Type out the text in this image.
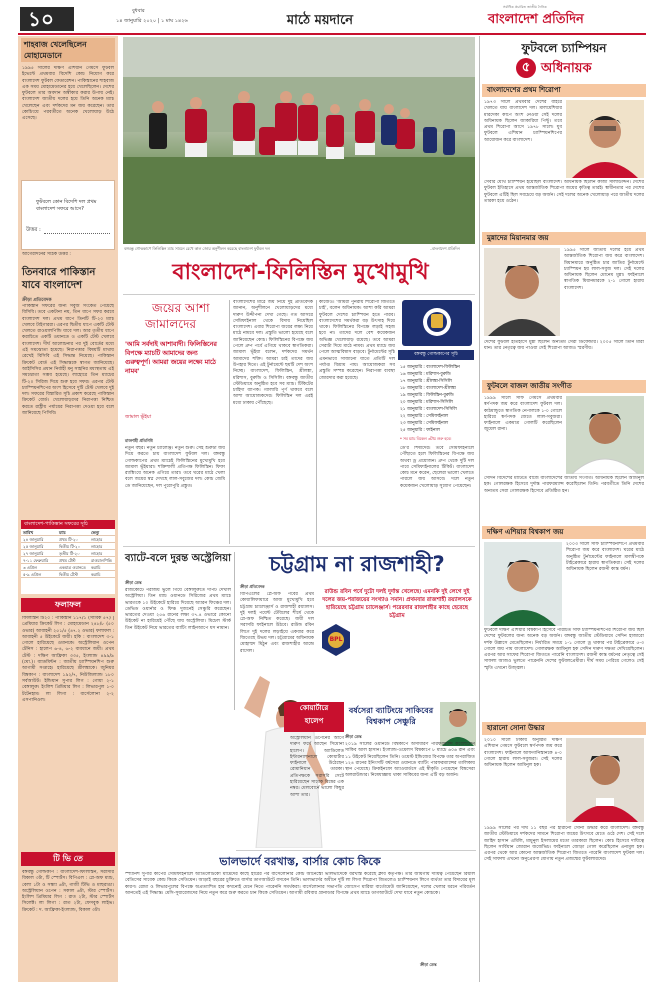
১০	বুধবার
১৪ জানুয়ারি ২০২০ | ১ মাঘ ১৪২৬	মাঠে ময়দানে
সর্বাধিক প্রচারিত জাতীয় দৈনিক
বাংলাদেশ প্রতিদিন
শাহবাজ খেলেছিলেন মোহামেডানে
১৯৯৫ সালের দক্ষিণ এশিয়ান গেমসে ফুটবল ইভেন্টে প্রথমবার বিদেশি কোচ নিয়োগ করে বাংলাদেশ ফুটবল ফেডারেশন। পাকিস্তানের শাহবাজ এক সময় মোহামেডানের হয়ে খেলেছিলেন। দেশের ফুটবলে তার অবদান অস্বীকার করার উপায় নেই। বাংলাদেশ জাতীয় দলের হয়ে তিনি অনেক ম্যাচ খেলেছেন এবং দর্শকদের মন জয় করেছেন। তার কোচিংয়ে পরবর্তীতে অনেক খেলোয়াড় উঠে এসেছে।
ফুটবলে কোন বিদেশি দল প্রথম বাংলাদেশ সফরে আসে?
উত্তর :
আগেরদিনের সঠিক উত্তর :
তিনবারে পাকিস্তান যাবে বাংলাদেশ
ক্রীড়া প্রতিবেদক
পাকিস্তান সফরের জন্য সবুজ সংকেত পেয়েছে বিসিবি। তবে একটানা নয়, তিন ধাপে সফর করবে বাংলাদেশ দল। প্রথম ধাপে তিনটি টি-২০ ম্যাচ খেলবে টাইগাররা। এরপর দ্বিতীয় ধাপে একটি টেস্ট খেলতে রাওয়ালপিন্ডি যাবে দল। আর তৃতীয় ধাপে করাচিতে একটি ওয়ানডে ও একটি টেস্ট খেলবে বাংলাদেশ। দীর্ঘ আলোচনার পর দুই বোর্ডের মধ্যে এই সমঝোতা হয়েছে। নিরাপত্তার বিষয়টি মাথায় রেখেই বিসিবি এই সিদ্ধান্ত নিয়েছে। পাকিস্তান ক্রিকেট বোর্ড এই সিদ্ধান্তকে স্বাগত জানিয়েছে। আইসিসির প্রধান নির্বাহী মনু সাহনির মধ্যস্থতায় এই সমঝোতা সম্ভব হয়েছে। লাহোরে তিন ম্যাচের টি-২০ সিরিজ দিয়ে শুরু হবে সফর। এরপর টেস্ট চ্যাম্পিয়নশিপের অংশ হিসেবে দুটি টেস্ট খেলবে দুই দল। সফরের বিস্তারিত সূচি প্রকাশ করেছে পাকিস্তান ক্রিকেট বোর্ড। খেলোয়াড়দের নিরাপত্তা নিশ্চিত করতে রাষ্ট্রীয় পর্যায়ের নিরাপত্তা দেওয়া হবে বলে জানিয়েছে পিসিবি।
বাংলাদেশ-পাকিস্তান সফরের সূচি
তারিখ	ম্যাচ	ভেন্যু
২৪ জানুয়ারি	প্রথম টি-২০	লাহোর
২৫ জানুয়ারি	দ্বিতীয় টি-২০	লাহোর
২৭ জানুয়ারি	তৃতীয় টি-২০	লাহোর
৭-১১ ফেব্রুয়ারি	প্রথম টেস্ট	রাওয়ালপিন্ডি
৩ এপ্রিল	একমাত্র ওয়ানডে	করাচি
৫-৯ এপ্রিল	দ্বিতীয় টেস্ট	করাচি
ফলাফল
ফিলিস্তিন টি২০ : পাকিস্তান ১১৭/১ (সাবিক ৫৭) | প্রেমিয়ার ক্রিকেট লিগ : মোহামেডান ২৪৮/৮ (৫০ ওভার) আবাহনী ২৫১/৫ (৪৭.২ ওভার) ফলাফল : আবাহনী ৫ উইকেটে জয়ী। হকি : বাংলাদেশ ৩-১ গোলে হারিয়েছে ওমানকে। অস্ট্রেলিয়ান ওপেন টেনিস : হালেপ ৬-৪, ৬-২ ব্যবধানে জয়ী। প্রথম টেস্ট : দক্ষিণ আফ্রিকা ৩৩৫, ইংল্যান্ড ৪৯৯/৯ (ঘো.)। ব্যাডমিন্টন : জাতীয় চ্যাম্পিয়নশিপ শুরু আগামী সপ্তাহে। হারিয়েছে শ্রীলঙ্কাকে। জুনিয়র বিশ্বকাপ : বাংলাদেশ ১৯২/৭, নিউজিল্যান্ড ১৮০ সর্বআউট। ইন্ডিয়ান সুপার লিগ : গোয়া ২-১ বেঙ্গালুরু। ইংলিশ প্রিমিয়ার লিগ : লিভারপুল ১-০ টটেনহাম। লা লিগা : বার্সেলোনা ২-২ এসপানিওল।
টি ভি তে
বঙ্গবন্ধু গোল্ডকাপ : বাংলাদেশ-ফিলিস্তিন, সরাসরি বিকাল ৩টা, টি স্পোর্টস। বিপিএল : প্লে-অফ ম্যাচ, বেলা ১টা ও সন্ধ্যা ৬টা, গাজী টিভি ও মাছরাঙা। অস্ট্রেলিয়ান ওপেন : সকাল ৬টা, স্টার স্পোর্টস। ইংলিশ প্রিমিয়ার লিগ : রাত ২টা, স্টার স্পোর্টস সিলেক্ট। লা লিগা : রাত ২টা, ফেসবুক লাইভ। ক্রিকেট : দ. আফ্রিকা-ইংল্যান্ড, বিকাল ৩টা।
বঙ্গবন্ধু গোল্ডকাপে ফিলিস্তিন ম্যাচ সামনে রেখে কাল জোর অনুশীলন করেছে বাংলাদেশ ফুটবল দল	–বাংলাদেশ প্রতিদিন
বাংলাদেশ-ফিলিস্তিন মুখোমুখি
জয়ের আশা
জামালদের
'আমি সর্বদাই আশাবাদী। ফিলিস্তিনের বিপক্ষে ম্যাচটি আমাদের জন্য গুরুত্বপূর্ণ। আমরা জয়ের লক্ষ্যে মাঠে নামব'
জামাল ভূঁইয়া
রাজশাহী প্রতিনিধি
নতুন বছর। নতুন চ্যালেঞ্জ। নতুন শুরু। সেই শুরুটা জয় দিয়ে করতে চায় বাংলাদেশ ফুটবল দল। বঙ্গবন্ধু গোল্ডকাপের প্রথম ম্যাচেই ফিলিস্তিনের মুখোমুখি হবে জামাল ভূঁইয়ারা। শক্তিশালী প্রতিপক্ষ ফিলিস্তিন। ফিফা র‌্যাঙ্কিংয়ে অনেক এগিয়ে তারা। তবে ঘরের মাঠে খেলা বলে জয়ের স্বপ্ন দেখছে লাল-সবুজের দল। কোচ জেমি ডে জানিয়েছেন, দল পুরোপুরি প্রস্তুত।
বাংলাদেশের মাঠে জয় নিয়ে দুই প্রতিবেদক জানান, অনুশীলনে খেলোয়াড়দের মধ্যে দারুণ উদ্দীপনা দেখা গেছে। গত আসরে সেমিফাইনাল থেকে বিদায় নিয়েছিল বাংলাদেশ। এবার শিরোপা জয়ের লক্ষ্য নিয়ে মাঠে নামবে দল। প্রস্তুতি ভালো হয়েছে বলে জানিয়েছেন কোচ। ফিলিস্তিনের বিপক্ষে জয় পেলে গ্রুপ পর্বে এগিয়ে থাকবে স্বাগতিকরা। জামাল ভূঁইয়া বলেন, দর্শকদের সমর্থন আমাদের শক্তি। আমরা চাই তাদের জয় উপহার দিতে। এই টুর্নামেন্টে ছয়টি দেশ অংশ নিচ্ছে। বাংলাদেশ, ফিলিস্তিন, শ্রীলঙ্কা, মরিশাস, বুরুন্ডি ও সিসিলি। বঙ্গবন্ধু জাতীয় স্টেডিয়ামে অনুষ্ঠিত হবে সব ম্যাচ। টিকিটের চাহিদা ব্যাপক। গ্যালারি পূর্ণ থাকবে বলে আশা আয়োজকদের। ফিলিস্তিন দল এরই মধ্যে ঢাকায় পৌঁছেছে।
কাজেও। 'আমরা পুনরায় শিরোপা জিততে চাই', বলেন অধিনায়ক। আশা করি আমরা ফুটবলে দেশের চ্যাম্পিয়ন হতে পারব। বাংলাদেশের সমর্থকরা বড় উৎসাহ দিয়ে থাকে। ফিলিস্তিনের বিপক্ষে লড়াই সহজ হবে না। তাদের দলে বেশ কয়েকজন অভিজ্ঞ খেলোয়াড় রয়েছে। তবে আমরা সেরাটা দিয়ে মাঠে নামব। প্রথম ম্যাচে জয় পেলে আত্মবিশ্বাস বাড়বে। টুর্নামেন্টের সূচি এমনভাবে সাজানো যাতে প্রতিটি দল পর্যাপ্ত বিশ্রাম পায়। আয়োজকরা সব প্রস্তুতি সম্পন্ন করেছেন। নিরাপত্তা ব্যবস্থা জোরদার করা হয়েছে।
বঙ্গবন্ধু গোল্ডকাপের সূচি
১৫ জানুয়ারি : বাংলাদেশ-ফিলিস্তিন
১৬ জানুয়ারি : মরিশাস-বুরুন্ডি
১৭ জানুয়ারি : শ্রীলঙ্কা-সিসিলি
১৮ জানুয়ারি : বাংলাদেশ-শ্রীলঙ্কা
১৯ জানুয়ারি : ফিলিস্তিন-বুরুন্ডি
২০ জানুয়ারি : মরিশাস-সিসিলি
২১ জানুয়ারি : বাংলাদেশ-সিসিলি
২২ জানুয়ারি : সেমিফাইনাল
২৩ জানুয়ারি : সেমিফাইনাল
২৫ জানুয়ারি : ফাইনাল
* সব ম্যাচ বিকেল ৩টায় শুরু হবে।
ডে'র শিষ্যদের। তবে সেমিফাইনালে পৌঁছাতে হলে ফিলিস্তিনের বিপক্ষে জয় অথবা ড্র প্রয়োজন। গ্রুপ থেকে দুটি দল পাবে সেমিফাইনালের টিকিট। বাংলাদেশ কোচ মনে করেন, ছেলেরা ভালো খেলতে পারলে জয় আসবে। দলে নতুন কয়েকজন খেলোয়াড় সুযোগ পেয়েছেন।
ব্যাটে-বলে দুরন্ত অস্ট্রেলিয়া
ক্রীড়া ডেস্ক
রাজকোটে পরাজয় ভুলে গিয়ে বেঙ্গালুরুতে দাপট দেখাল অস্ট্রেলিয়া। তিন ম্যাচ ওয়ানডে সিরিজের প্রথম ম্যাচে ভারতকে ১০ উইকেটে হারিয়ে দিয়েছে অ্যারন ফিঞ্চের দল। ডেভিড ওয়ার্নার ও ফিঞ্চ দুজনেই সেঞ্চুরি করেছেন। ভারতের দেওয়া ২৫৬ রানের লক্ষ্য ৩৭.৪ ওভারে কোনো উইকেট না হারিয়েই পৌঁছে যায় অস্ট্রেলিয়া। মিচেল স্টার্ক তিন উইকেট নিয়ে ভারতের ব্যাটিং লাইনআপে ধস নামান।
চট্টগ্রাম না রাজশাহী?
ক্রীড়া প্রতিবেদক
বিপিএলের প্লে-অফ পর্বের প্রথম কোয়ালিফায়ারে আজ মুখোমুখি হবে চট্টগ্রাম চ্যালেঞ্জার্স ও রাজশাহী রয়্যালস। দুই দলই পয়েন্ট টেবিলের শীর্ষে থেকে প্লে-অফ নিশ্চিত করেছে। জয়ী দল সরাসরি ফাইনালে উঠবে। রাউন্ড রবিন লিগে দুই দলের লড়াইয়ে একবার করে জিতেছে উভয় দল। চট্টগ্রামের অধিনায়ক মোহাম্মদ মিঠুন এবং রাজশাহীর আন্দ্রে রাসেল।
রাউন্ড রবিন পর্বে দুটো দলই দুর্দান্ত খেলেছে। এমনকি দুই লেগে দুই দলের জয়-পরাজয়ের সংখ্যাও সমান। প্রথমবার রাজশাহী রয়্যালসকে হারিয়েছে চট্টগ্রাম চ্যালেঞ্জার্স। পরেরবার রাজশাহীর কাছে হেরেছে চট্টগ্রাম
BPL
কোয়ার্টারে
হালেপ
অস্ট্রেলিয়ান ওপেনের আগে দারুণ ফর্মে আছেন সিমোনা হালেপ। অ্যাডিলেড ইন্টারন্যাশনালে কোয়ার্টার ফাইনালে উঠেছেন রোমানিয়ান তারকা। প্রতিপক্ষকে সরাসরি সেটে হারিয়েছেন সাবেক বিশ্বের এক নম্বর। মেলবোর্নে ভালো কিছুর আশা তার।
বর্ষসেরা ব্যাটিংয়ে সাকিবের বিশ্বকাপ সেঞ্চুরি
ক্রীড়া ডেস্ক
২০১৯ সালের ওয়ানডে বিশ্বকাপে অসাধারণ পারফরম্যান্স করেছিলেন সাকিব আল হাসান। ইংল্যান্ড-ওয়েলস বিশ্বকাপে ৮ ম্যাচে ৬০৬ রান এবং ১১ উইকেট নিয়েছিলেন তিনি। ওয়েস্ট ইন্ডিজের বিপক্ষে তার অপরাজিত ১২৪ রানের ইনিংসটি বর্ষসেরা ওয়ানডে ব্যাটিং পারফরম্যান্সের তালিকায় স্থান পেয়েছে। ক্রিকইনফো অ্যাওয়ার্ডসে এই স্বীকৃতি পেয়েছেন বিশ্বসেরা অলরাউন্ডার। নিষেধাজ্ঞায় থাকা সাকিবের জন্য এটি বড় অর্জন।
ভালভার্দে বরখাস্ত, বার্সার কোচ কিকে
ক্রীড়া ডেস্ক
স্প্যানিশ সুপার কাপের সেমিফাইনালে অ্যাতলেটিকো মাদ্রিদের কাছে হারের পর বার্সেলোনার কোচ আর্নেস্তো ভালভার্দেকে বরখাস্ত করেছে ক্লাব কর্তৃপক্ষ। তার জায়গায় দায়িত্ব পেয়েছেন রিয়াল বেতিসের সাবেক কোচ কিকে সেতিয়েন। আড়াই বছরের চুক্তিতে বার্সার ডাগআউটে বসবেন তিনি। ভালভার্দের অধীনে দুটি লা লিগা শিরোপা জিতলেও চ্যাম্পিয়নস লিগে ব্যর্থতা তার বিদায়ের মূল কারণ। রোমা ও লিভারপুলের বিপক্ষে অপ্রত্যাশিত হার কখনোই মেনে নিতে পারেননি সমর্থকরা। বার্সেলোনার সভাপতি জোসেপ মারিয়া বার্তোমেউ জানিয়েছেন, দলের খেলার ধরনে পরিবর্তন আনতেই এই সিদ্ধান্ত। মেসি-সুয়ারেজদের নিয়ে নতুন করে শুরু করতে চান কিকে সেতিয়েন। আগামী রবিবার গ্রানাডার বিপক্ষে প্রথম ম্যাচে ডাগআউটে দেখা যাবে নতুন কোচকে।
ফুটবলে চ্যাম্পিয়ন
৫ অধিনায়ক
বাংলাদেশের প্রথম শিরোপা
১৯৭৩ সালে প্রথমবার দেশের বাইরে খেলতে যায় বাংলাদেশ দল। মালয়েশিয়ার মারদেকা কাপে অংশ নেওয়া সেই দলের অধিনায়ক ছিলেন জাকারিয়া পিন্টু। তবে প্রথম শিরোপা আসে ১৯৭৮ সালে। যুব ফুটবলে এশিয়ান চ্যাম্পিয়নশিপের আয়োজন করে বাংলাদেশ।
সেবার যৌথ চ্যাম্পিয়ন হয়েছিল বাংলাদেশ। অধিনায়ক ছিলেন কাজী সালাউদ্দিন। দেশের ফুটবল ইতিহাসে প্রথম আন্তর্জাতিক শিরোপা জয়ের কৃতিত্ব তারই। স্বাধীনতার পর দেশের ফুটবলে এটিই ছিল সবচেয়ে বড় অর্জন। সেই দলের অনেক খেলোয়াড় পরে জাতীয় দলের তারকা হয়ে ওঠেন।
মুন্নাদের মিয়ানমার জয়
১৯৯৫ সালে জাতীয় দলের হয়ে প্রথম আন্তর্জাতিক শিরোপা জয় করে বাংলাদেশ। মিয়ানমারে অনুষ্ঠিত চার জাতির টুর্নামেন্টে চ্যাম্পিয়ন হয় লাল-সবুজ দল। সেই দলের অধিনায়ক ছিলেন মোনেম মুন্না। ফাইনালে স্বাগতিক মিয়ানমারকে ২-১ গোলে হারায় বাংলাদেশ।
দেশের ফুটবল ইতিহাসে মুন্না ছিলেন অন্যতম সেরা ডিফেন্ডার। ২০০৫ সালে তিনি মারা যান। তার নেতৃত্বে জয় পাওয়া সেই শিরোপা আজও স্মরণীয়।
ফুটবলে বাজল জাতীয় সংগীত
১৯৯৯ সালে সাফ গেমসে প্রথমবার স্বর্ণপদক জয় করে বাংলাদেশ ফুটবল দল। কাঠমান্ডুতে স্বাগতিক নেপালকে ১-০ গোলে হারিয়ে স্বর্ণপদক জেতে লাল-সবুজরা। ফাইনালে একমাত্র গোলটি করেছিলেন জুয়েল রানা।
সেদিন বিদেশের মাটিতে বাজে বাংলাদেশের জাতীয় সংগীত। অধিনায়ক ছিলেন আমিনুল হক। গোলরক্ষক হিসেবে দুর্দান্ত পারফরম্যান্স করেছিলেন তিনি। পরবর্তীতে তিনি দেশের অন্যতম সেরা গোলরক্ষক হিসেবে প্রতিষ্ঠিত হন।
দক্ষিণ এশিয়ার বিশ্বকাপ জয়
২০০৩ সালে সাফ চ্যাম্পিয়নশিপে প্রথমবার শিরোপা জয় করে বাংলাদেশ। ঘরের মাঠে অনুষ্ঠিত টুর্নামেন্টের ফাইনালে মালদ্বীপকে টাইব্রেকারে হারায় স্বাগতিকরা। সেই দলের অধিনায়ক ছিলেন রজনী কান্ত বর্মন।
ফুটবলে দক্ষিণ এশিয়ার বিশ্বকাপ হিসেবে পরিচিত সাফ চ্যাম্পিয়নশিপের শিরোপা জয় ছিল দেশের ফুটবলের জন্য অনেক বড় অর্জন। বঙ্গবন্ধু জাতীয় স্টেডিয়ামে সেদিন হাজারো দর্শক উল্লাসে মেতেছিলেন। নির্ধারিত সময়ে ১-১ গোলে ড্র থাকার পর টাইব্রেকারে ৫-৩ গোলে জয় পায় বাংলাদেশ। গোলরক্ষক আমিনুল হক সেদিন দারুণ দক্ষতা দেখিয়েছিলেন। এরপর আর সাফের শিরোপা জিততে পারেনি বাংলাদেশ। রজনী কান্ত বর্মনের নেতৃত্বে সেই সাফল্য আজও ভুলতে পারেননি দেশের ফুটবলপ্রেমীরা। দীর্ঘ সময় পেরিয়ে গেলেও সেই স্মৃতি এখনো উজ্জ্বল।
হারানো সোনা উদ্ধার
২০১০ সালে ঢাকায় অনুষ্ঠিত দক্ষিণ এশিয়ান গেমসে ফুটবলে স্বর্ণপদক জয় করে বাংলাদেশ। ফাইনালে আফগানিস্তানকে ৪-০ গোলে হারায় লাল-সবুজরা। সেই দলের অধিনায়ক ছিলেন আমিনুল হক।
১৯৯৯ সালের পর দীর্ঘ ১১ বছর পর হারানো সোনা উদ্ধার করে বাংলাদেশ। বঙ্গবন্ধু জাতীয় স্টেডিয়ামে দর্শকদের সামনে শিরোপা জয়ের উৎসবে মেতে ওঠে দেশ। সেই দলে জাহিদ হাসান এমিলি, মামুনুল ইসলামের মতো তারকারা ছিলেন। কোচ হিসেবে দায়িত্বে ছিলেন সার্বিয়ান জোরান জর্জেভিচ। ফাইনালে জোড়া গোল করেছিলেন এনামুল হক। এরপর থেকে আর কোনো আন্তর্জাতিক শিরোপা জিততে পারেনি বাংলাদেশ ফুটবল দল। সেই সাফল্য এখনো অনুপ্রেরণা যোগায় নতুন প্রজন্মের ফুটবলারদের।
